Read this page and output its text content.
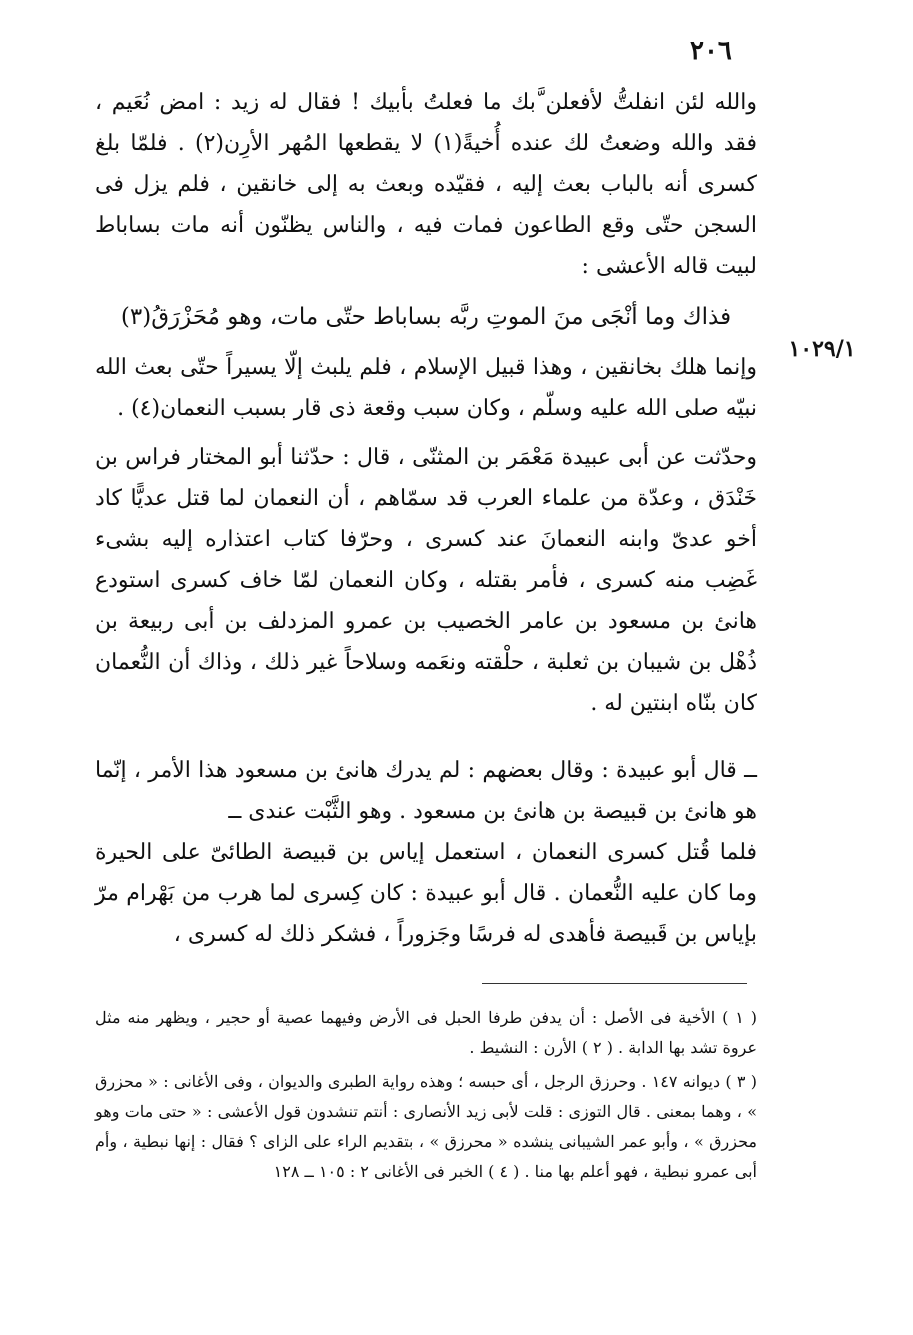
٢٠٦
١٠٢٩/١

والله لئن انفلتُّ لأفعلن َّبك ما فعلتُ بأبيك ! فقال له زيد : امض نُعَيم ، فقد والله وضعتُ لك عنده أُخيةً(١) لا يقطعها المُهر الأرِن(٢) . فلمّا بلغ كسرى أنه بالباب بعث إليه ، فقيّده وبعث به إلى خانقين ، فلم يزل فى السجن حتّى وقع الطاعون فمات فيه ، والناس يظنّون أنه مات بساباط لبيت قاله الأعشى :

فذاك وما أنْجَى منَ الموتِ ربَّه بساباط حتّى مات، وهو مُحَزْرَقُ(٣)

وإنما هلك بخانقين ، وهذا قبيل الإسلام ، فلم يلبث إلّا يسيراً حتّى بعث الله نبيّه صلى الله عليه وسلّم ، وكان سبب وقعة ذى قار بسبب النعمان(٤) .

وحدّثت عن أبى عبيدة مَعْمَر بن المثنّى ، قال : حدّثنا أبو المختار فراس بن خَنْدَق ، وعدّة من علماء العرب قد سمّاهم ، أن النعمان لما قتل عديًّا كاد أخو عدىّ وابنه النعمانَ عند كسرى ، وحرّفا كتاب اعتذاره إليه بشىء غَضِب منه كسرى ، فأمر بقتله ، وكان النعمان لمّا خاف كسرى استودع هانئ بن مسعود بن عامر الخصيب بن عمرو المزدلف بن أبى ربيعة بن ذُهْل بن شيبان بن ثعلبة ، حلْقته ونعَمه وسلاحاً غير ذلك ، وذاك أن النُّعمان كان بنّاه ابنتين له .

ــ قال أبو عبيدة : وقال بعضهم : لم يدرك هانئ بن مسعود هذا الأمر ، إنّما هو هانئ بن قبيصة بن هانئ بن مسعود . وهو الثَّبْت عندى ــ

فلما قُتل كسرى النعمان ، استعمل إياس بن قبيصة الطائىّ على الحيرة وما كان عليه النُّعمان . قال أبو عبيدة : كان كِسرى لما هرب من بَهْرام مرّ بإياس بن قَبيصة فأهدى له فرسًا وجَزوراً ، فشكر ذلك له كسرى ،

( ١ ) الأخية فى الأصل : أن يدفن طرفا الحبل فى الأرض وفيهما عصية أو حجير ، ويظهر منه مثل عروة تشد بها الدابة . ( ٢ ) الأرن : النشيط .

( ٣ ) ديوانه ١٤٧ . وحرزق الرجل ، أى حبسه ؛ وهذه رواية الطبرى والديوان ، وفى الأغانى : « محزرق » ، وهما بمعنى . قال التوزى : قلت لأبى زيد الأنصارى : أنتم تنشدون قول الأعشى : « حتى مات وهو محزرق » ، وأبو عمر الشيبانى ينشده « محرزق » ، بتقديم الراء على الزاى ؟ فقال : إنها نبطية ، وأم أبى عمرو نبطية ، فهو أعلم بها منا . ( ٤ ) الخبر فى الأغانى ٢ : ١٠٥ ــ ١٢٨
